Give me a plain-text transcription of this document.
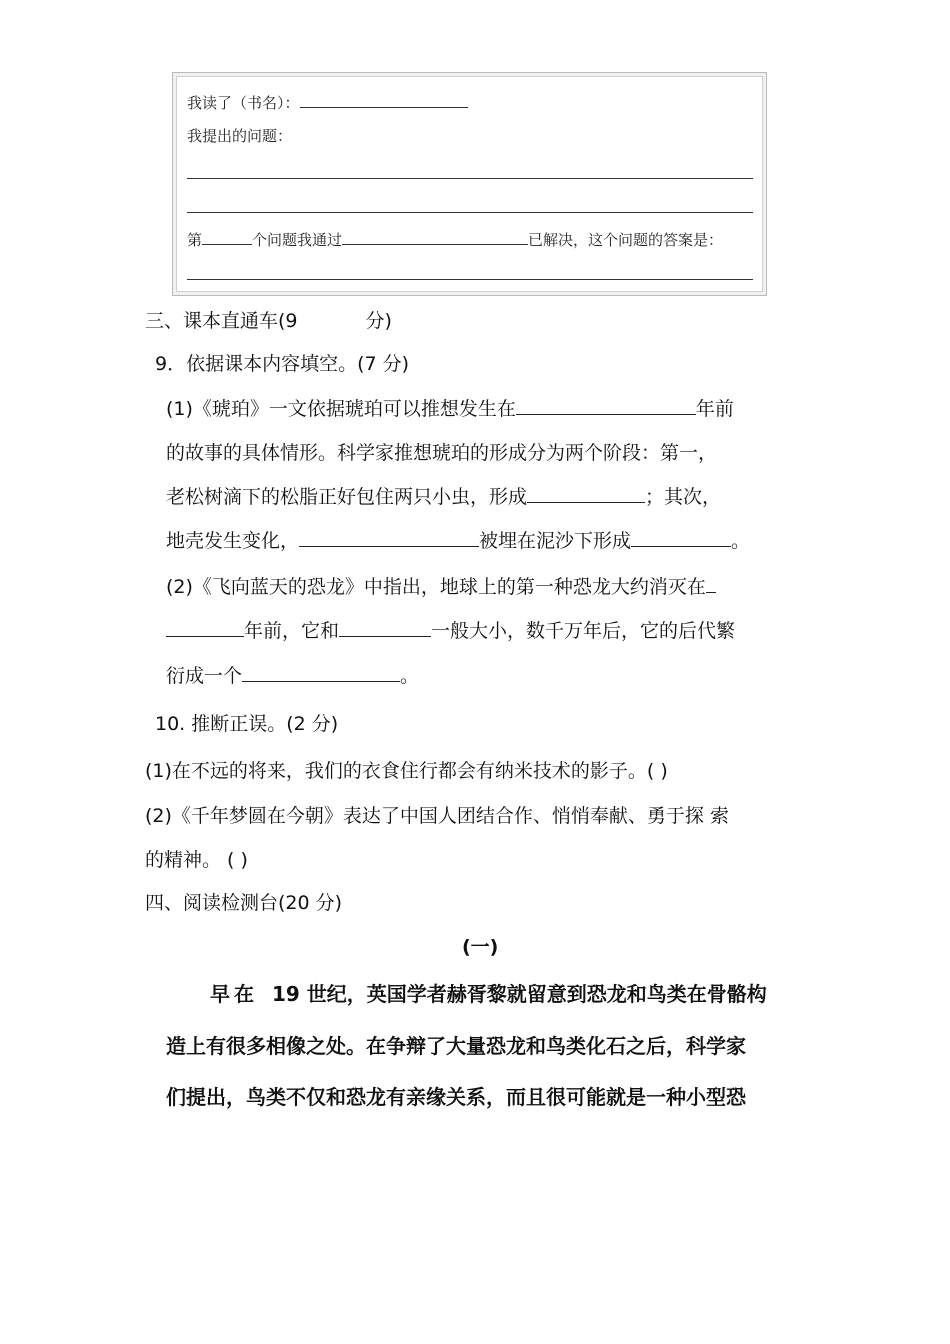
我读了（书名）：
我提出的问题：
第	个问题我通过	已解决，这个问题的答案是：
三、课本直通车(9	分)
9．依据课本内容填空。(7 分)
(1)《琥珀》一文依据琥珀可以推想发生在	年前
的故事的具体情形。科学家推想琥珀的形成分为两个阶段：第一，
老松树滴下的松脂正好包住两只小虫，形成	；其次，
地壳发生变化，	被埋在泥沙下形成	。
(2)《飞向蓝天的恐龙》中指出，地球上的第一种恐龙大约消灭在
年前，它和	一般大小，数千万年后，它的后代繁
衍成一个	。
10. 推断正误。(2 分)
(1)在不远的将来，我们的衣食住行都会有纳米技术的影子。( )
(2)《千年梦圆在今朝》表达了中国人团结合作、悄悄奉献、勇于探 索
的精神。 ( )
四、阅读检测台(20 分)
(一)
早在 19 世纪，英国学者赫胥黎就留意到恐龙和鸟类在骨骼构
造上有很多相像之处。在争辩了大量恐龙和鸟类化石之后，科学家
们提出，鸟类不仅和恐龙有亲缘关系，而且很可能就是一种小型恐
